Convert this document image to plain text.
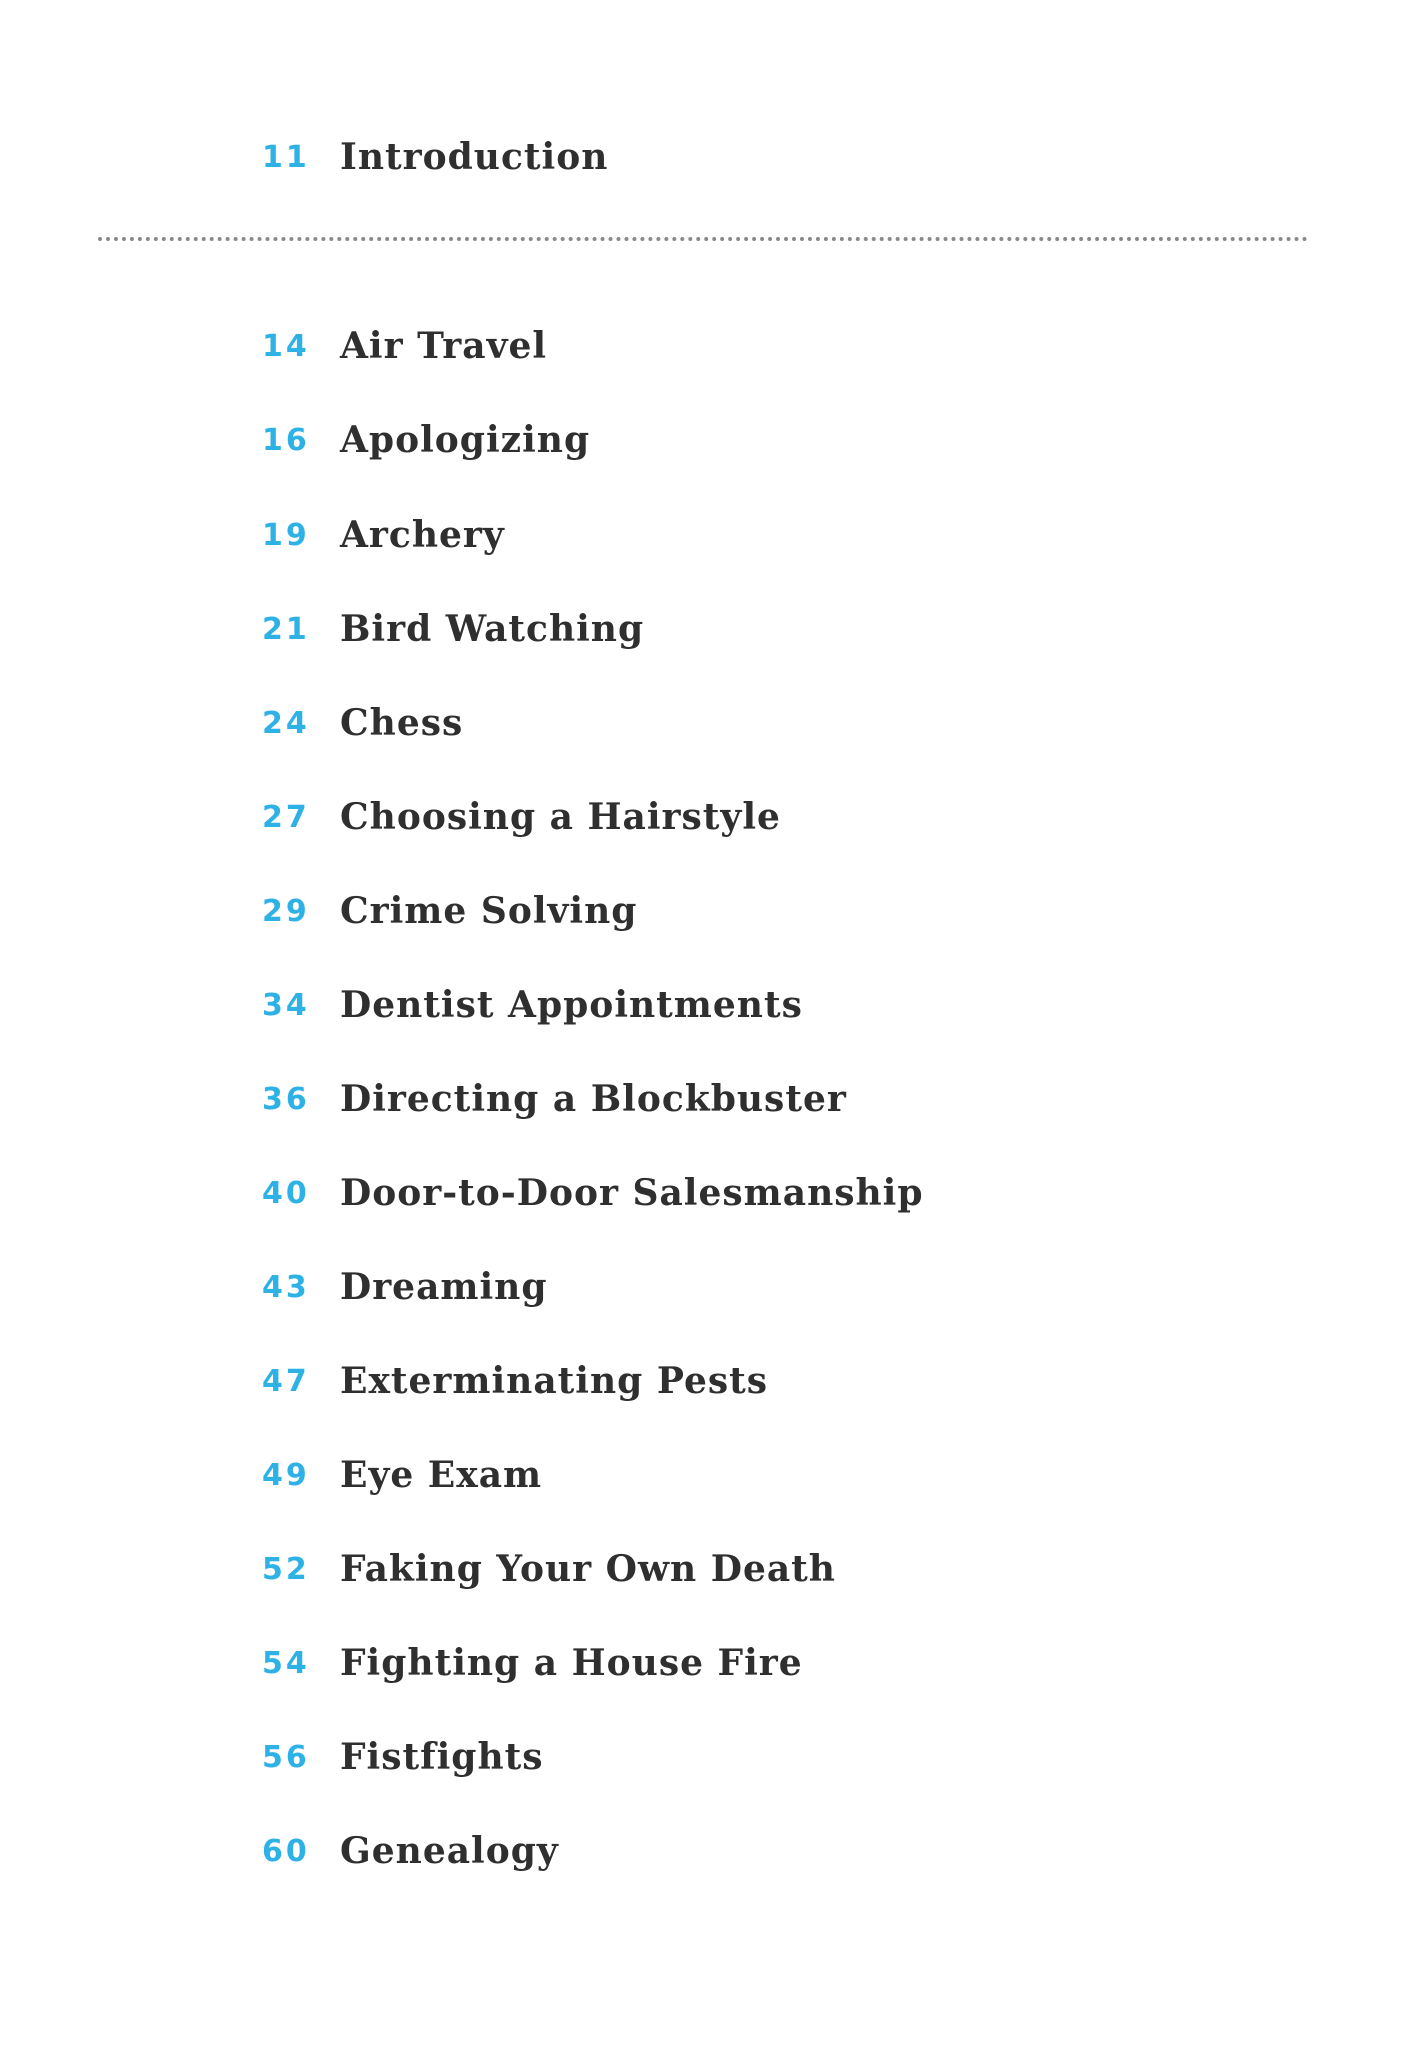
11 Introduction
14 Air Travel
16 Apologizing
19 Archery
21 Bird Watching
24 Chess
27 Choosing a Hairstyle
29 Crime Solving
34 Dentist Appointments
36 Directing a Blockbuster
40 Door-to-Door Salesmanship
43 Dreaming
47 Exterminating Pests
49 Eye Exam
52 Faking Your Own Death
54 Fighting a House Fire
56 Fistfights
60 Genealogy
